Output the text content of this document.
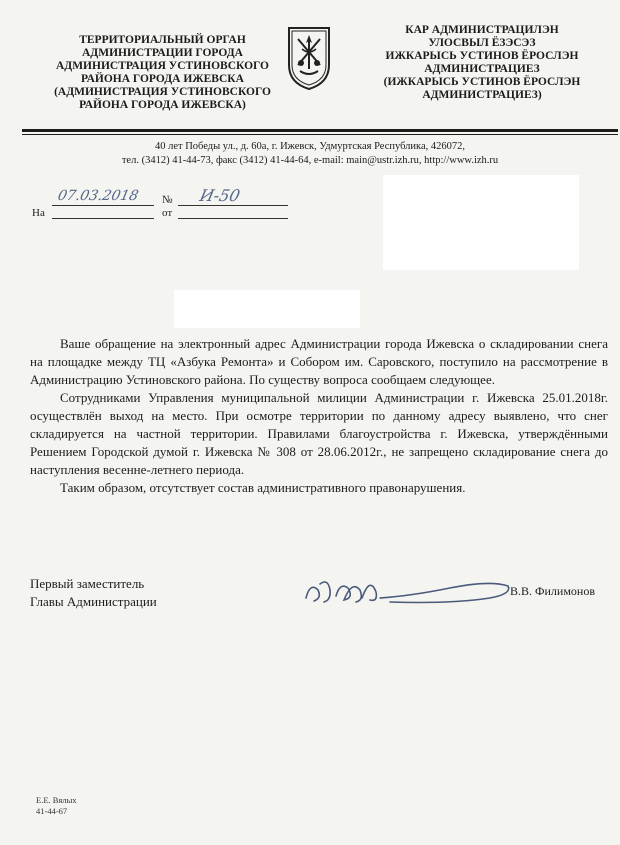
ТЕРРИТОРИАЛЬНЫЙ ОРГАН
АДМИНИСТРАЦИИ ГОРОДА
АДМИНИСТРАЦИЯ УСТИНОВСКОГО
РАЙОНА ГОРОДА ИЖЕВСКА
(АДМИНИСТРАЦИЯ УСТИНОВСКОГО
РАЙОНА ГОРОДА ИЖЕВСКА)
КАР АДМИНИСТРАЦИЛЭН
УЛОСВЫЛ ЁЗЭСЭЗ
ИЖКАРЫСЬ УСТИНОВ ЁРОСЛЭН
АДМИНИСТРАЦИЕЗ
(ИЖКАРЫСЬ УСТИНОВ ЁРОСЛЭН
АДМИНИСТРАЦИЕЗ)
40 лет Победы ул., д. 60а, г. Ижевск, Удмуртская Республика, 426072,
тел. (3412) 41-44-73, факс (3412) 41-44-64, e-mail: main@ustr.izh.ru, http://www.izh.ru
07.03.2018 № И-50
На	от

Ваше обращение на электронный адрес Администрации города Ижевска о складировании снега на площадке между ТЦ «Азбука Ремонта» и Собором им. Саровского, поступило на рассмотрение в Администрацию Устиновского района. По существу вопроса сообщаем следующее.

Сотрудниками Управления муниципальной милиции Администрации г. Ижевска 25.01.2018г. осуществлён выход на место. При осмотре территории по данному адресу выявлено, что снег складируется на частной территории. Правилами благоустройства г. Ижевска, утверждёнными Решением Городской думой г. Ижевска № 308 от 28.06.2012г., не запрещено складирование снега до наступления весенне-летнего периода.

Таким образом, отсутствует состав административного правонарушения.

Первый заместитель
Главы Администрации
В.В. Филимонов
Е.Е. Вялых
41-44-67
